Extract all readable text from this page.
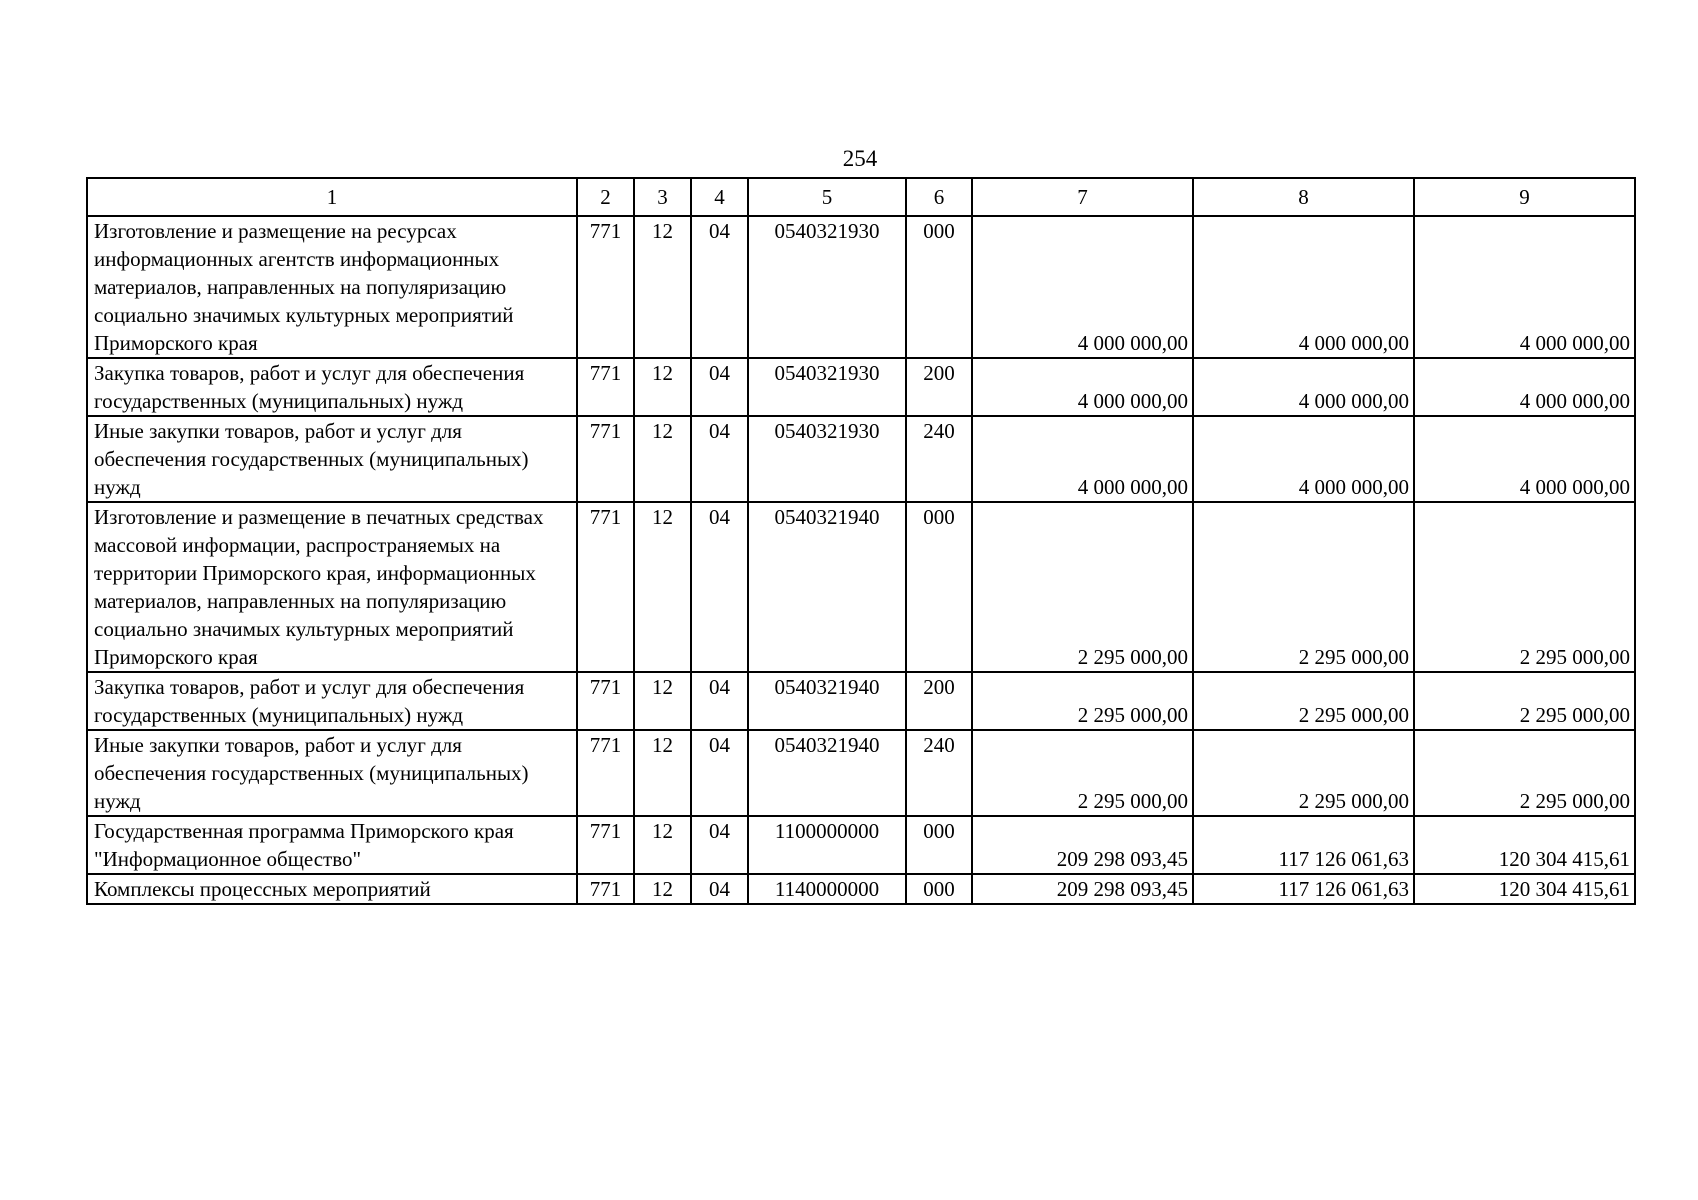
254
1	2	3	4	5	6	7	8	9
Изготовление и размещение на ресурсах информационных агентств информационных материалов, направленных на популяризацию социально значимых культурных мероприятий Приморского края	771	12	04	0540321930	000	4 000 000,00	4 000 000,00	4 000 000,00
Закупка товаров, работ и услуг для обеспечения государственных (муниципальных) нужд	771	12	04	0540321930	200	4 000 000,00	4 000 000,00	4 000 000,00
Иные закупки товаров, работ и услуг для обеспечения государственных (муниципальных) нужд	771	12	04	0540321930	240	4 000 000,00	4 000 000,00	4 000 000,00
Изготовление и размещение в печатных средствах массовой информации, распространяемых на территории Приморского края, информационных материалов, направленных на популяризацию социально значимых культурных мероприятий Приморского края	771	12	04	0540321940	000	2 295 000,00	2 295 000,00	2 295 000,00
Закупка товаров, работ и услуг для обеспечения государственных (муниципальных) нужд	771	12	04	0540321940	200	2 295 000,00	2 295 000,00	2 295 000,00
Иные закупки товаров, работ и услуг для обеспечения государственных (муниципальных) нужд	771	12	04	0540321940	240	2 295 000,00	2 295 000,00	2 295 000,00
Государственная программа Приморского края "Информационное общество"	771	12	04	1100000000	000	209 298 093,45	117 126 061,63	120 304 415,61
Комплексы процессных мероприятий	771	12	04	1140000000	000	209 298 093,45	117 126 061,63	120 304 415,61
